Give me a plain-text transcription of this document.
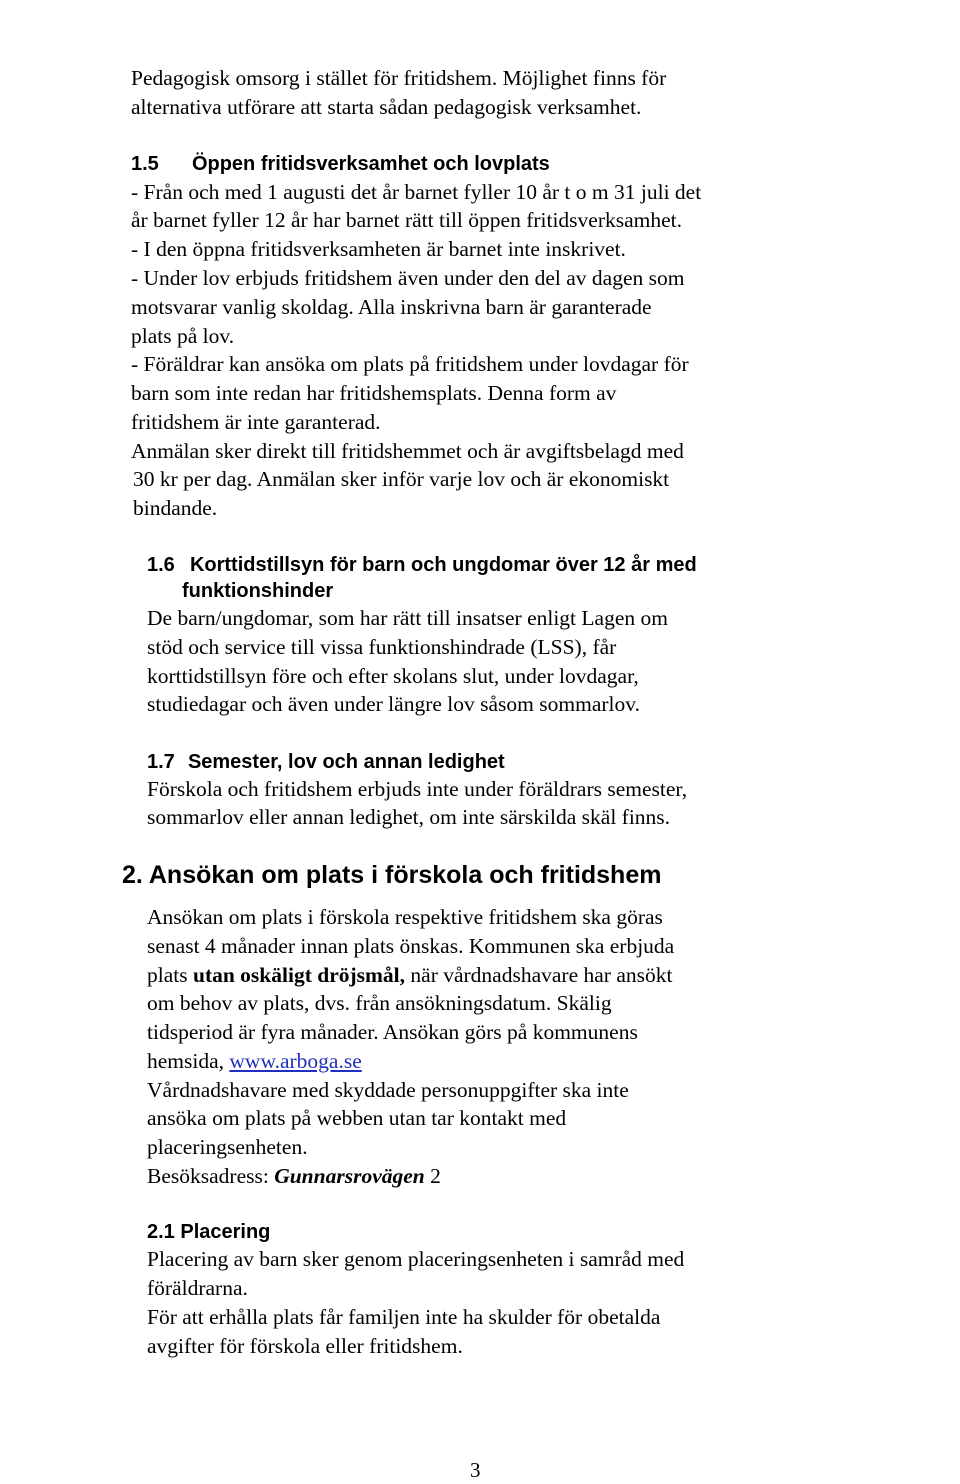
Pedagogisk omsorg i stället för fritidshem. Möjlighet finns för
alternativa utförare att starta sådan pedagogisk verksamhet.
1.5 Öppen fritidsverksamhet och lovplats
- Från och med 1 augusti det år barnet fyller 10 år t o m 31 juli det
år barnet fyller 12 år har barnet rätt till öppen fritidsverksamhet.
- I den öppna fritidsverksamheten är barnet inte inskrivet.
- Under lov erbjuds fritidshem även under den del av dagen som
motsvarar vanlig skoldag. Alla inskrivna barn är garanterade
plats på lov.
- Föräldrar kan ansöka om plats på fritidshem under lovdagar för
barn som inte redan har fritidshemsplats. Denna form av
fritidshem är inte garanterad.
Anmälan sker direkt till fritidshemmet och är avgiftsbelagd med
30 kr per dag. Anmälan sker inför varje lov och är ekonomiskt
bindande.
1.6 Korttidstillsyn för barn och ungdomar över 12 år med
funktionshinder
De barn/ungdomar, som har rätt till insatser enligt Lagen om
stöd och service till vissa funktionshindrade (LSS), får
korttidstillsyn före och efter skolans slut, under lovdagar,
studiedagar och även under längre lov såsom sommarlov.
1.7 Semester, lov och annan ledighet
Förskola och fritidshem erbjuds inte under föräldrars semester,
sommarlov eller annan ledighet, om inte särskilda skäl finns.
2. Ansökan om plats i förskola och fritidshem
Ansökan om plats i förskola respektive fritidshem ska göras
senast 4 månader innan plats önskas. Kommunen ska erbjuda
plats utan oskäligt dröjsmål, när vårdnadshavare har ansökt
om behov av plats, dvs. från ansökningsdatum. Skälig
tidsperiod är fyra månader. Ansökan görs på kommunens
hemsida, www.arboga.se
Vårdnadshavare med skyddade personuppgifter ska inte
ansöka om plats på webben utan tar kontakt med
placeringsenheten.
Besöksadress: Gunnarsrovägen 2
2.1 Placering
Placering av barn sker genom placeringsenheten i samråd med
föräldrarna.
För att erhålla plats får familjen inte ha skulder för obetalda
avgifter för förskola eller fritidshem.
3
